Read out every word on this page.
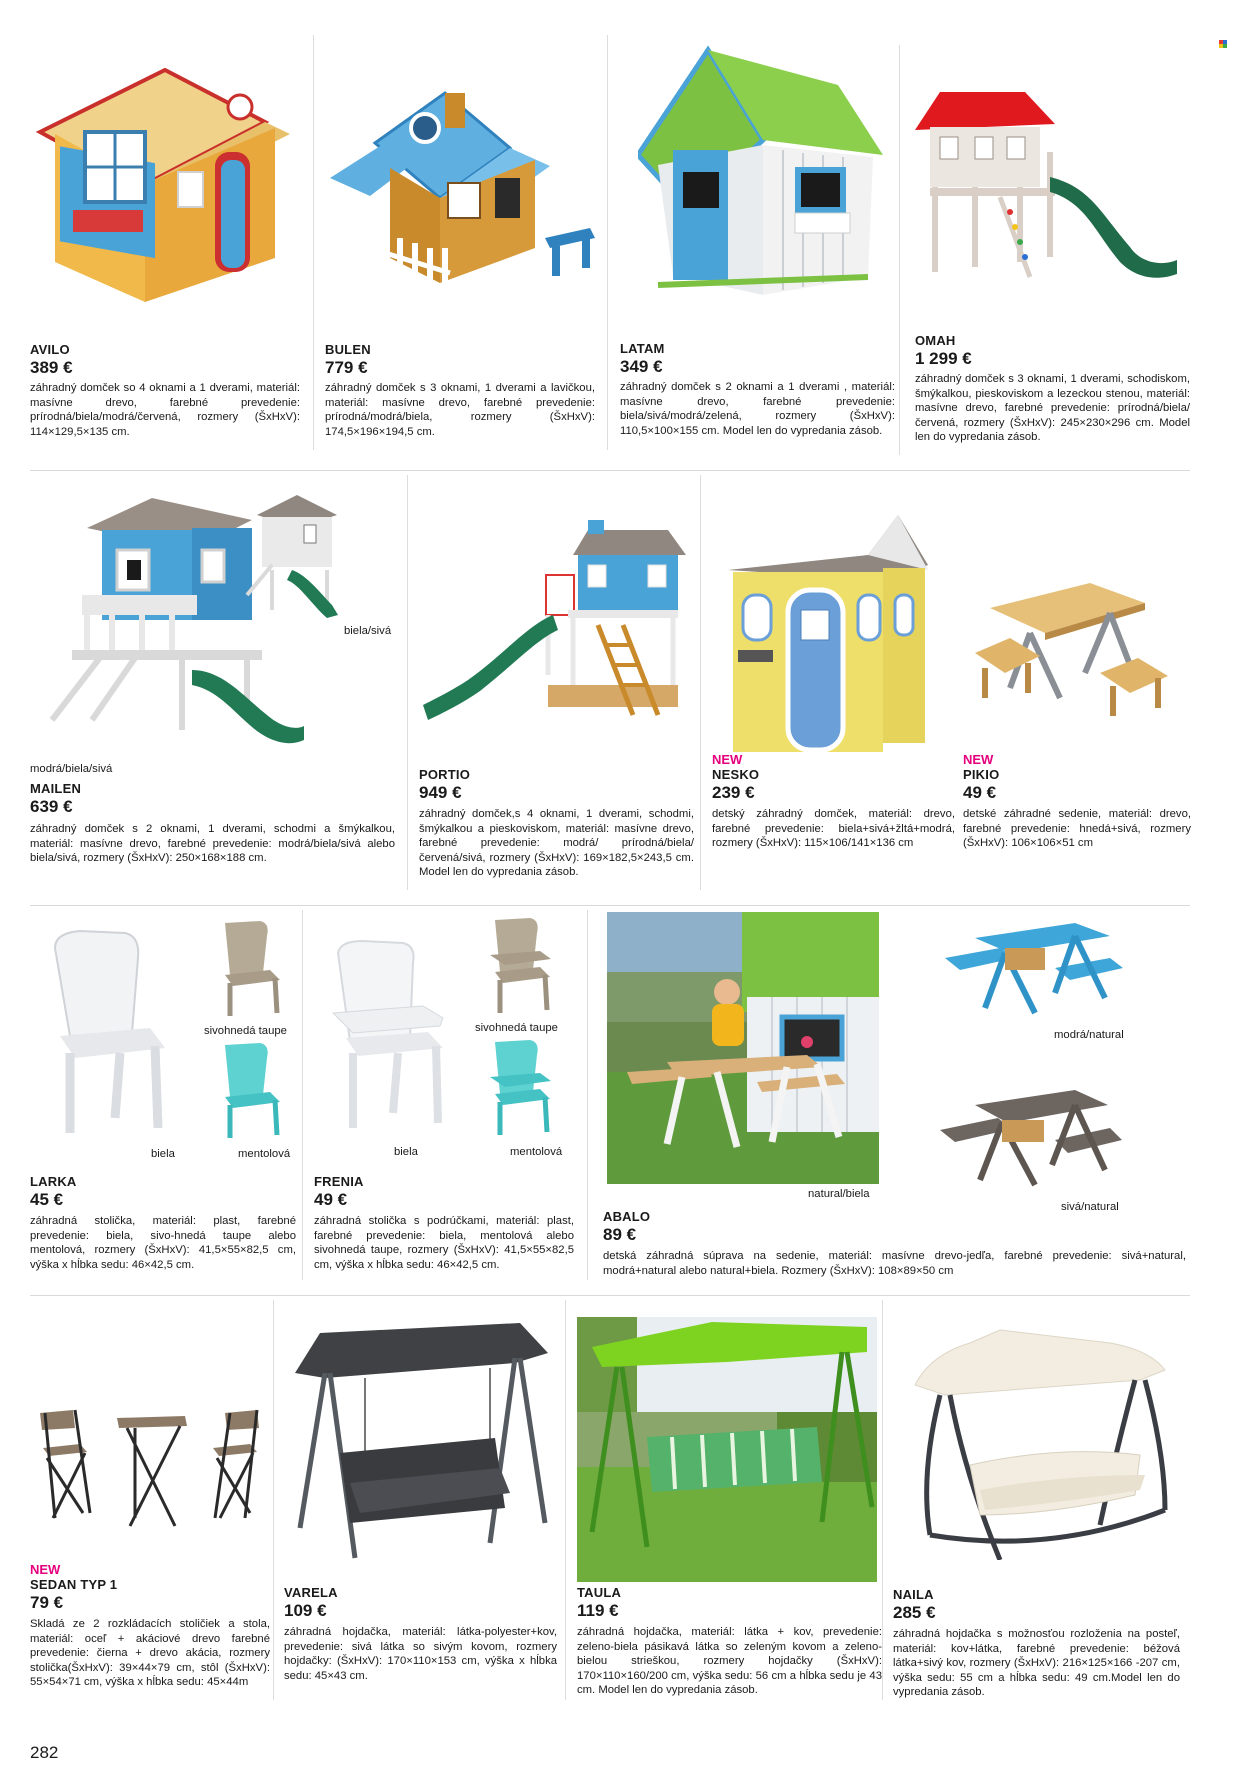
AVILO
389 €
záhradný domček so 4 oknami a 1 dverami, materiál: masívne drevo, farebné prevedenie: prírodná/biela/modrá/červená, rozmery (ŠxHxV): 114×129,5×135 cm.
BULEN
779 €
záhradný domček s 3 oknami, 1 dverami a lavičkou, materiál: masívne drevo, farebné prevedenie: prírodná/modrá/biela, rozmery (ŠxHxV): 174,5×196×194,5 cm.
LATAM
349 €
záhradný domček s 2 oknami a 1 dverami , materiál: masívne drevo, farebné prevedenie: biela/sivá/modrá/zelená, rozmery (ŠxHxV): 110,5×100×155 cm. Model len do vypredania zásob.
OMAH
1 299 €
záhradný domček s 3 oknami, 1 dverami, schodiskom, šmýkalkou, pieskoviskom a lezeckou stenou, materiál: masívne drevo, farebné prevedenie: prírodná/biela/červená, rozmery (ŠxHxV): 245×230×296 cm. Model len do vypredania zásob.
biela/sivá
modrá/biela/sivá
MAILEN
639 €
záhradný domček s 2 oknami, 1 dverami, schodmi a šmýkalkou, materiál: masívne drevo, farebné prevedenie: modrá/biela/sivá alebo biela/sivá, rozmery (ŠxHxV): 250×168×188 cm.
PORTIO
949 €
záhradný domček,s 4 oknami, 1 dverami, schodmi, šmýkalkou a pieskoviskom, materiál: masívne drevo, farebné prevedenie: modrá/ prírodná/biela/červená/sivá, rozmery (ŠxHxV): 169×182,5×243,5 cm. Model len do vypredania zásob.
NEW
NESKO
239 €
detský záhradný domček, materiál: drevo, farebné prevedenie: biela+sivá+žltá+modrá, rozmery (ŠxHxV): 115×106/141×136 cm
NEW
PIKIO
49 €
detské záhradné sedenie, materiál: drevo, farebné prevedenie: hnedá+sivá, rozmery (ŠxHxV): 106×106×51 cm
sivohnedá taupe
biela	mentolová
LARKA
45 €
záhradná stolička, materiál: plast, farebné prevedenie: biela, sivo-hnedá taupe alebo mentolová, rozmery (ŠxHxV): 41,5×55×82,5 cm, výška x hĺbka sedu: 46×42,5 cm.
sivohnedá taupe
biela	mentolová
FRENIA
49 €
záhradná stolička s podrúčkami, materiál: plast, farebné prevedenie: biela, mentolová alebo sivohnedá taupe, rozmery (ŠxHxV): 41,5×55×82,5 cm, výška x hĺbka sedu: 46×42,5 cm.
modrá/natural
natural/biela
sivá/natural
ABALO
89 €
detská záhradná súprava na sedenie, materiál: masívne drevo-jedľa, farebné prevedenie: sivá+natural, modrá+natural alebo natural+biela. Rozmery (ŠxHxV): 108×89×50 cm
NEW
SEDAN TYP 1
79 €
Skladá ze 2 rozkládacích stoličiek a stola, materiál: oceľ + akáciové drevo farebné prevedenie: čierna + drevo akácia, rozmery stolička(ŠxHxV): 39×44×79 cm, stôl (ŠxHxV): 55×54×71 cm, výška x hĺbka sedu: 45×44m
VARELA
109 €
záhradná hojdačka, materiál: látka-polyester+kov, prevedenie: sivá látka so sivým kovom, rozmery hojdačky: (ŠxHxV): 170×110×153 cm, výška x hĺbka sedu: 45×43 cm.
TAULA
119 €
záhradná hojdačka, materiál: látka + kov, prevedenie: zeleno-biela pásikavá látka so zeleným kovom a zeleno-bielou strieškou, rozmery hojdačky (ŠxHxV): 170×110×160/200 cm, výška sedu: 56 cm a hĺbka sedu je 43 cm. Model len do vypredania zásob.
NAILA
285 €
záhradná hojdačka s možnosťou rozloženia na posteľ, materiál: kov+látka, farebné prevedenie: béžová látka+sivý kov, rozmery (ŠxHxV): 216×125×166 -207 cm, výška sedu: 55 cm a hĺbka sedu: 49 cm.Model len do vypredania zásob.
282
